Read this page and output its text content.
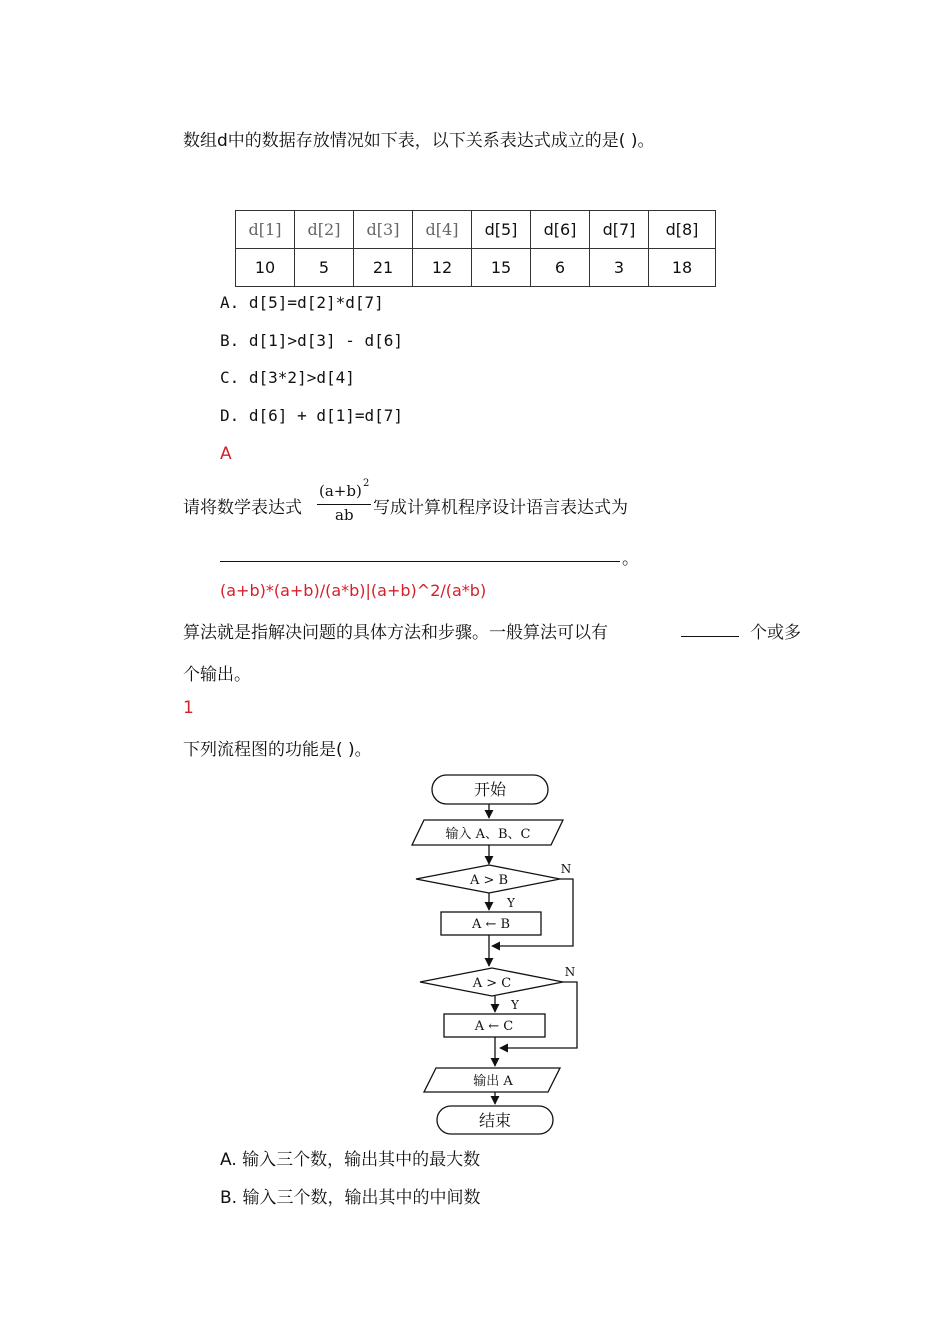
数组d中的数据存放情况如下表，以下关系表达式成立的是( )。
d[1]	d[2]	d[3]	d[4]	d[5]	d[6]	d[7]	d[8]
10	5	21	12	15	6	3	18
A. d[5]=d[2]*d[7]
B. d[1]>d[3] - d[6]
C. d[3*2]>d[4]
D. d[6] + d[1]=d[7]
A
请将数学表达式
(a+b) 2
ab 写成计算机程序设计语言表达式为
。
(a+b)*(a+b)/(a*b)|(a+b)^2/(a*b)
算法就是指解决问题的具体方法和步骤。一般算法可以有	个或多
个输出。
1
下列流程图的功能是( )。
开始
输入 A、B、C
A > B
A ← B
A > C
A ← C
输出 A
结束
Y
N
Y
N
A. 输入三个数，输出其中的最大数
B. 输入三个数，输出其中的中间数
